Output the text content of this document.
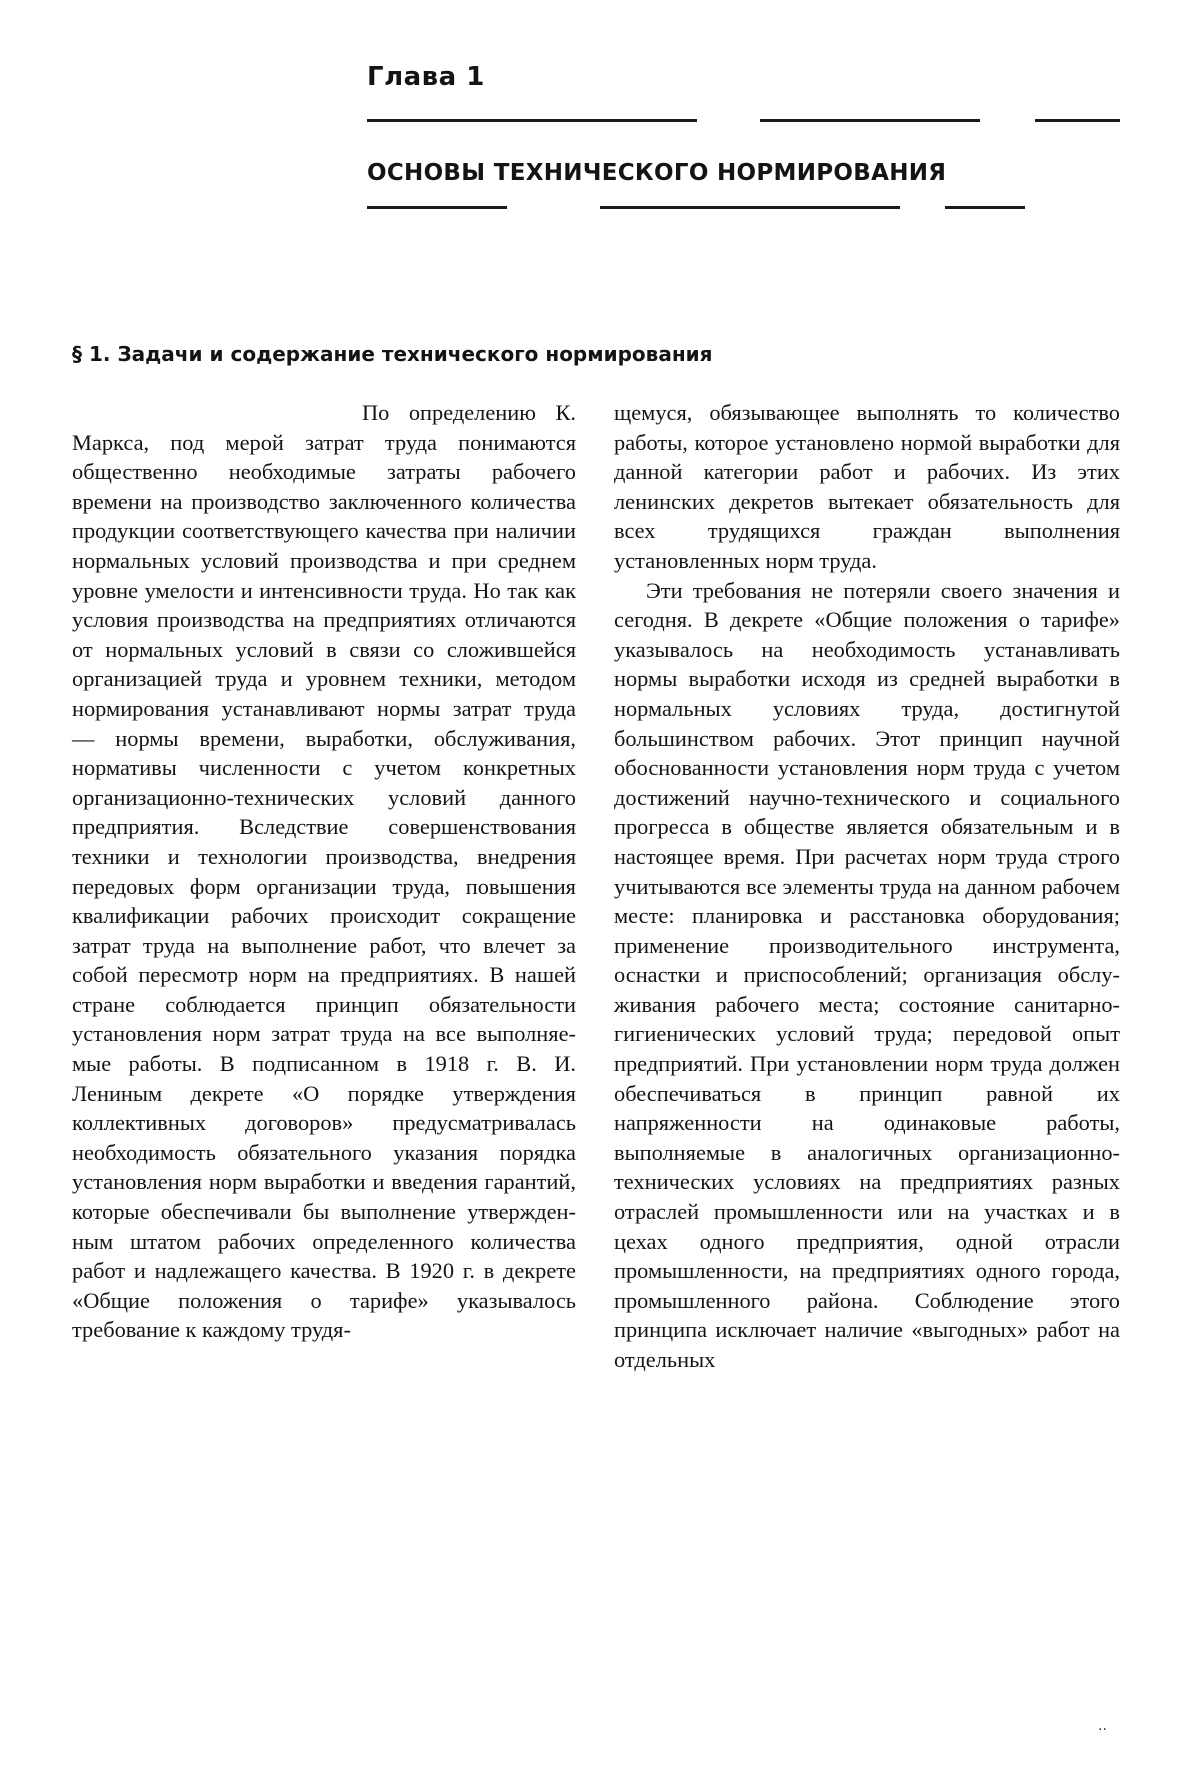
Глава 1
ОСНОВЫ ТЕХНИЧЕСКОГО НОРМИРОВАНИЯ
§ 1. Задачи и содержание технического нормирования

По определению К. Маркса, под мерой затрат труда понимаются общественно необходи­мые затраты рабочего времени на производство заключенного коли­чества продукции соответствующего качества при наличии нормальных условий производства и при среднем уровне умелости и интенсивности труда. Но так как условия производ­ства на предприятиях отличаются от нормальных условий в связи со сло­жившейся организацией труда и уровнем техники, методом нормиро­вания устанавливают нормы затрат труда — нормы времени, выработки, обслуживания, нормативы числен­ности с учетом конкретных организа­ционно-технических условий данного предприятия. Вследствие совершен­ствования техники и технологии про­изводства, внедрения передовых форм организации труда, повышения квалификации рабочих происходит сокращение затрат труда на выпол­нение работ, что влечет за собой пересмотр норм на предприятиях. В нашей стране соблюдается прин­цип обязательности установления норм затрат труда на все выполняе­мые работы. В подписанном в 1918 г. В. И. Лениным декрете «О порядке утверждения коллективных догово­ров» предусматривалась необходи­мость обязательного указания поряд­ка установления норм выработки и введения гарантий, которые обеспе­чивали бы выполнение утвержден­ным штатом рабочих определенного количества работ и надлежащего качества. В 1920 г. в декрете «Общие положения о тарифе» указы­валось требование к каждому трудя-

щемуся, обязывающее выполнять то количество работы, которое установ­лено нормой выработки для данной категории работ и рабочих. Из этих ленинских декретов вытекает обяза­тельность для всех трудящихся граж­дан выполнения установленных норм труда.

Эти требования не потеряли своего значения и сегодня. В декрете «Об­щие положения о тарифе» указыва­лось на необходимость устанавли­вать нормы выработки исходя из сред­ней выработки в нормальных условиях труда, достигнутой большинством ра­бочих. Этот принцип научной обосно­ванности установления норм труда с учетом достижений научно-техни­ческого и социального прогресса в обществе является обязательным и в настоящее время. При расчетах норм труда строго учитываются все элементы труда на данном рабочем месте: планировка и расстановка оборудования; применение производи­тельного инструмента, оснастки и приспособлений; организация обслу­живания рабочего места; состояние санитарно-гигиенических условий труда; передовой опыт предприятий. При установлении норм труда дол­жен обеспечиваться в принцип рав­ной их напряженности на одинако­вые работы, выполняемые в анало­гичных организационно-технических условиях на предприятиях разных отраслей промышленности или на участках и в цехах одного предприя­тия, одной отрасли промышленности, на предприятиях одного города, про­мышленного района. Соблюдение этого принципа исключает наличие «выгодных» работ на отдельных

··
